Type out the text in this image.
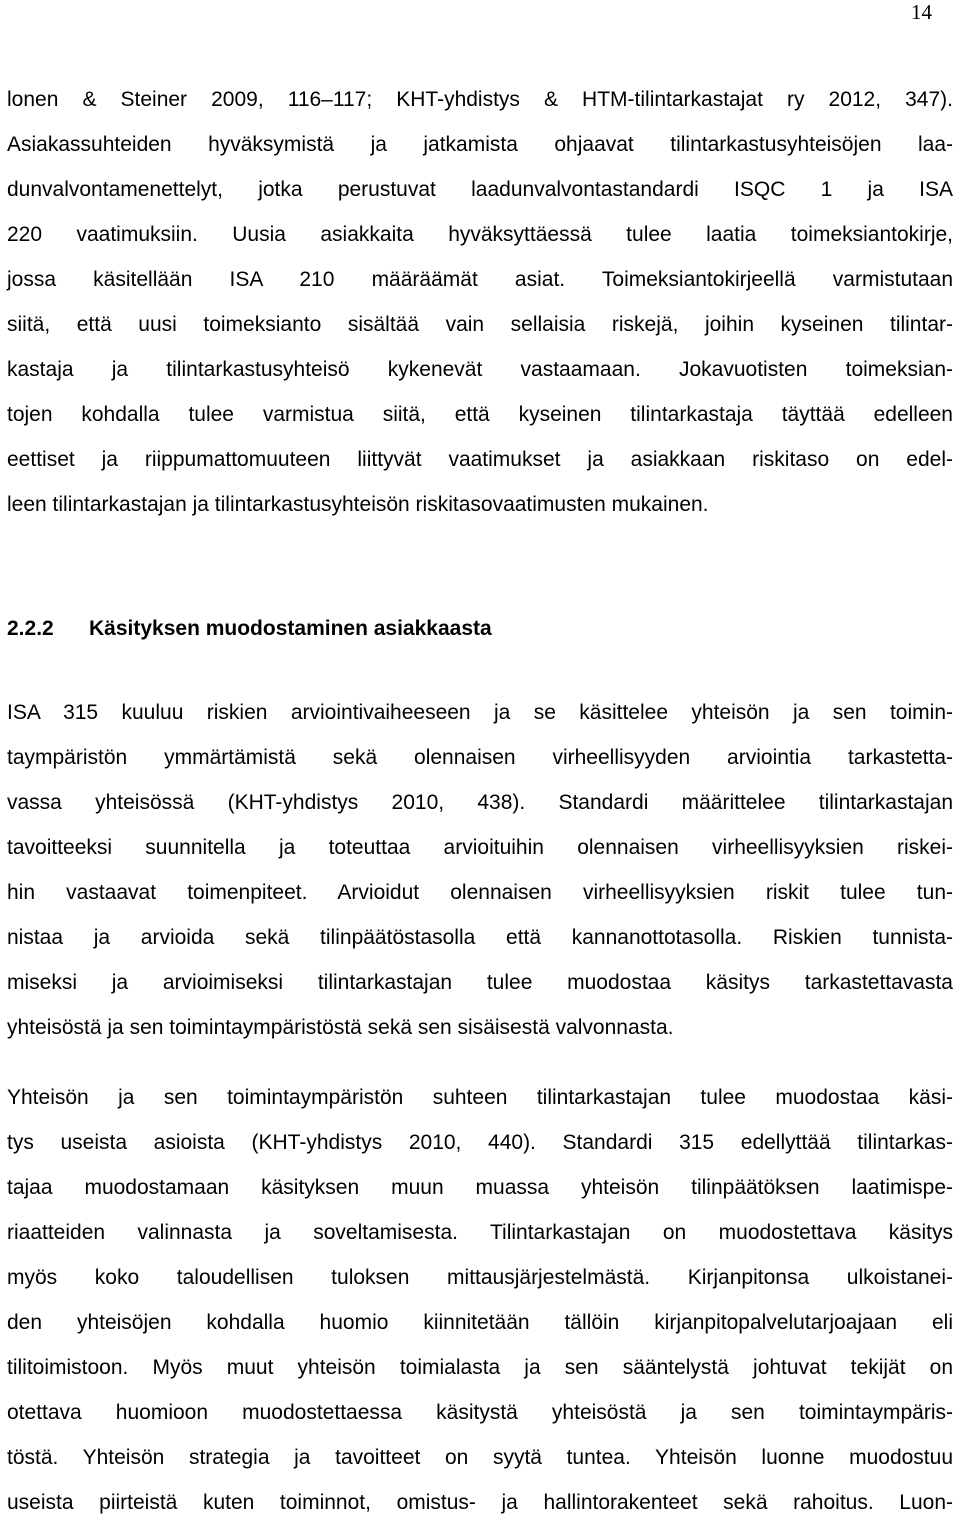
14
lonen & Steiner 2009, 116–117; KHT-yhdistys & HTM-tilintarkastajat ry 2012, 347).
Asiakassuhteiden hyväksymistä ja jatkamista ohjaavat tilintarkastusyhteisöjen laa-
dunvalvontamenettelyt, jotka perustuvat laadunvalvontastandardi ISQC 1 ja ISA
220 vaatimuksiin. Uusia asiakkaita hyväksyttäessä tulee laatia toimeksiantokirje,
jossa käsitellään ISA 210 määräämät asiat. Toimeksiantokirjeellä varmistutaan
siitä, että uusi toimeksianto sisältää vain sellaisia riskejä, joihin kyseinen tilintar-
kastaja ja tilintarkastusyhteisö kykenevät vastaamaan. Jokavuotisten toimeksian-
tojen kohdalla tulee varmistua siitä, että kyseinen tilintarkastaja täyttää edelleen
eettiset ja riippumattomuuteen liittyvät vaatimukset ja asiakkaan riskitaso on edel-
leen tilintarkastajan ja tilintarkastusyhteisön riskitasovaatimusten mukainen.
2.2.2 Käsityksen muodostaminen asiakkaasta
ISA 315 kuuluu riskien arviointivaiheeseen ja se käsittelee yhteisön ja sen toimin-
taympäristön ymmärtämistä sekä olennaisen virheellisyyden arviointia tarkastetta-
vassa yhteisössä (KHT-yhdistys 2010, 438). Standardi määrittelee tilintarkastajan
tavoitteeksi suunnitella ja toteuttaa arvioituihin olennaisen virheellisyyksien riskei-
hin vastaavat toimenpiteet. Arvioidut olennaisen virheellisyyksien riskit tulee tun-
nistaa ja arvioida sekä tilinpäätöstasolla että kannanottotasolla. Riskien tunnista-
miseksi ja arvioimiseksi tilintarkastajan tulee muodostaa käsitys tarkastettavasta
yhteisöstä ja sen toimintaympäristöstä sekä sen sisäisestä valvonnasta.
Yhteisön ja sen toimintaympäristön suhteen tilintarkastajan tulee muodostaa käsi-
tys useista asioista (KHT-yhdistys 2010, 440). Standardi 315 edellyttää tilintarkas-
tajaa muodostamaan käsityksen muun muassa yhteisön tilinpäätöksen laatimispe-
riaatteiden valinnasta ja soveltamisesta. Tilintarkastajan on muodostettava käsitys
myös koko taloudellisen tuloksen mittausjärjestelmästä. Kirjanpitonsa ulkoistanei-
den yhteisöjen kohdalla huomio kiinnitetään tällöin kirjanpitopalvelutarjoajaan eli
tilitoimistoon. Myös muut yhteisön toimialasta ja sen sääntelystä johtuvat tekijät on
otettava huomioon muodostettaessa käsitystä yhteisöstä ja sen toimintaympäris-
töstä. Yhteisön strategia ja tavoitteet on syytä tuntea. Yhteisön luonne muodostuu
useista piirteistä kuten toiminnot, omistus- ja hallintorakenteet sekä rahoitus. Luon-
